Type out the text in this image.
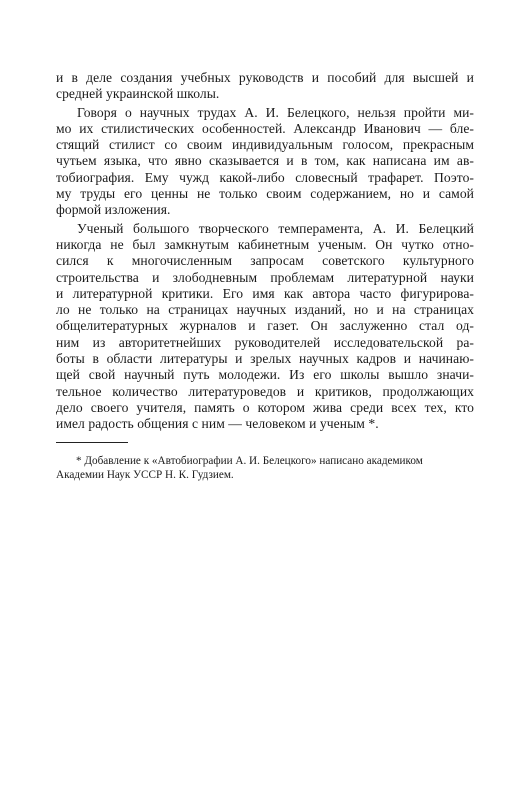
и в деле создания учебных руководств и пособий для высшей и
средней украинской школы.
Говоря о научных трудах А. И. Белецкого, нельзя пройти ми-
мо их стилистических особенностей. Александр Иванович — бле-
стящий стилист со своим индивидуальным голосом, прекрасным
чутьем языка, что явно сказывается и в том, как написана им ав-
тобиография. Ему чужд какой-либо словесный трафарет. Поэто-
му труды его ценны не только своим содержанием, но и самой
формой изложения.
Ученый большого творческого темперамента, А. И. Белецкий
никогда не был замкнутым кабинетным ученым. Он чутко отно-
сился к многочисленным запросам советского культурного
строительства и злободневным проблемам литературной науки
и литературной критики. Его имя как автора часто фигурирова-
ло не только на страницах научных изданий, но и на страницах
общелитературных журналов и газет. Он заслуженно стал од-
ним из авторитетнейших руководителей исследовательской ра-
боты в области литературы и зрелых научных кадров и начинаю-
щей свой научный путь молодежи. Из его школы вышло значи-
тельное количество литературоведов и критиков, продолжающих
дело своего учителя, память о котором жива среди всех тех, кто
имел радость общения с ним — человеком и ученым *.
* Добавление к «Автобиографии А. И. Белецкого» написано академиком
Академии Наук УССР Н. К. Гудзием.
